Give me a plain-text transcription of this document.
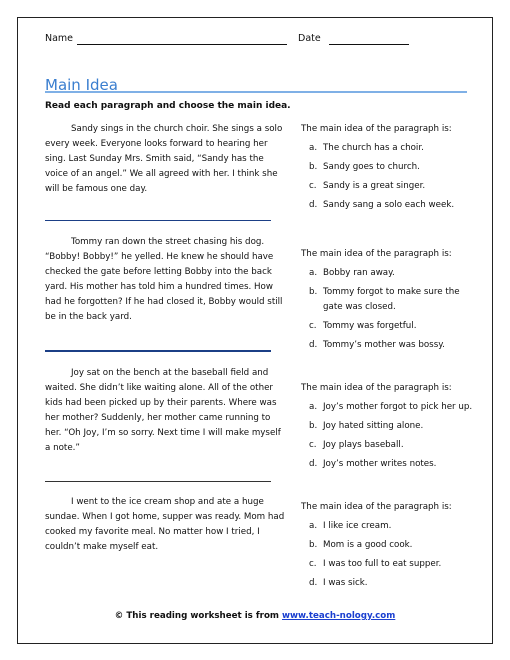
Name	Date
Main Idea
Read each paragraph and choose the main idea.

Sandy sings in the church choir. She sings a solo every week. Everyone looks forward to hearing her sing. Last Sunday Mrs. Smith said, “Sandy has the voice of an angel.” We all agreed with her. I think she will be famous one day.

The main idea of the paragraph is:
a. The church has a choir.
b. Sandy goes to church.
c. Sandy is a great singer.
d. Sandy sang a solo each week.

Tommy ran down the street chasing his dog. “Bobby! Bobby!” he yelled. He knew he should have checked the gate before letting Bobby into the back yard. His mother has told him a hundred times. How had he forgotten? If he had closed it, Bobby would still be in the back yard.

The main idea of the paragraph is:
a. Bobby ran away.
b. Tommy forgot to make sure the gate was closed.
c. Tommy was forgetful.
d. Tommy’s mother was bossy.

Joy sat on the bench at the baseball field and waited. She didn’t like waiting alone. All of the other kids had been picked up by their parents. Where was her mother? Suddenly, her mother came running to her. “Oh Joy, I’m so sorry. Next time I will make myself a note.”

The main idea of the paragraph is:
a. Joy’s mother forgot to pick her up.
b. Joy hated sitting alone.
c. Joy plays baseball.
d. Joy’s mother writes notes.

I went to the ice cream shop and ate a huge sundae. When I got home, supper was ready. Mom had cooked my favorite meal. No matter how I tried, I couldn’t make myself eat.

The main idea of the paragraph is:
a. I like ice cream.
b. Mom is a good cook.
c. I was too full to eat supper.
d. I was sick.
© This reading worksheet is from www.teach-nology.com
